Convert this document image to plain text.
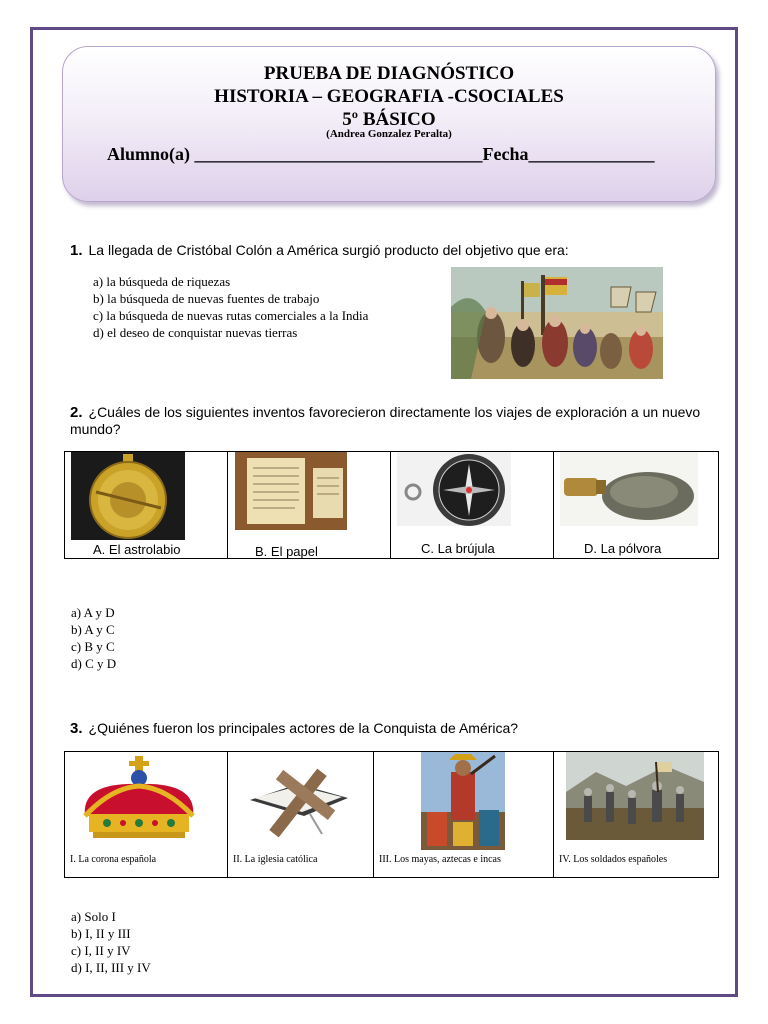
PRUEBA DE DIAGNÓSTICO
HISTORIA – GEOGRAFIA -CSOCIALES
5º BÁSICO
(Andrea Gonzalez Peralta)
Alumno(a) ________________________________Fecha______________
1. La llegada de Cristóbal Colón a América surgió producto del objetivo que era:
a) la búsqueda de riquezas
b) la búsqueda de nuevas fuentes de trabajo
c) la búsqueda de nuevas rutas comerciales a la India
d) el deseo de conquistar nuevas tierras
2. ¿Cuáles de los siguientes inventos favorecieron directamente los viajes de exploración a un nuevo mundo?
A. El astrolabio	B. El papel	C. La brújula	D. La pólvora
a) A y D
b) A y C
c) B y C
d) C y D
3. ¿Quiénes fueron los principales actores de la Conquista de América?
I. La corona española	II. La iglesia católica	III. Los mayas, aztecas e incas	IV. Los soldados españoles
a) Solo I
b) I, II y III
c) I, II y IV
d) I, II, III y IV
